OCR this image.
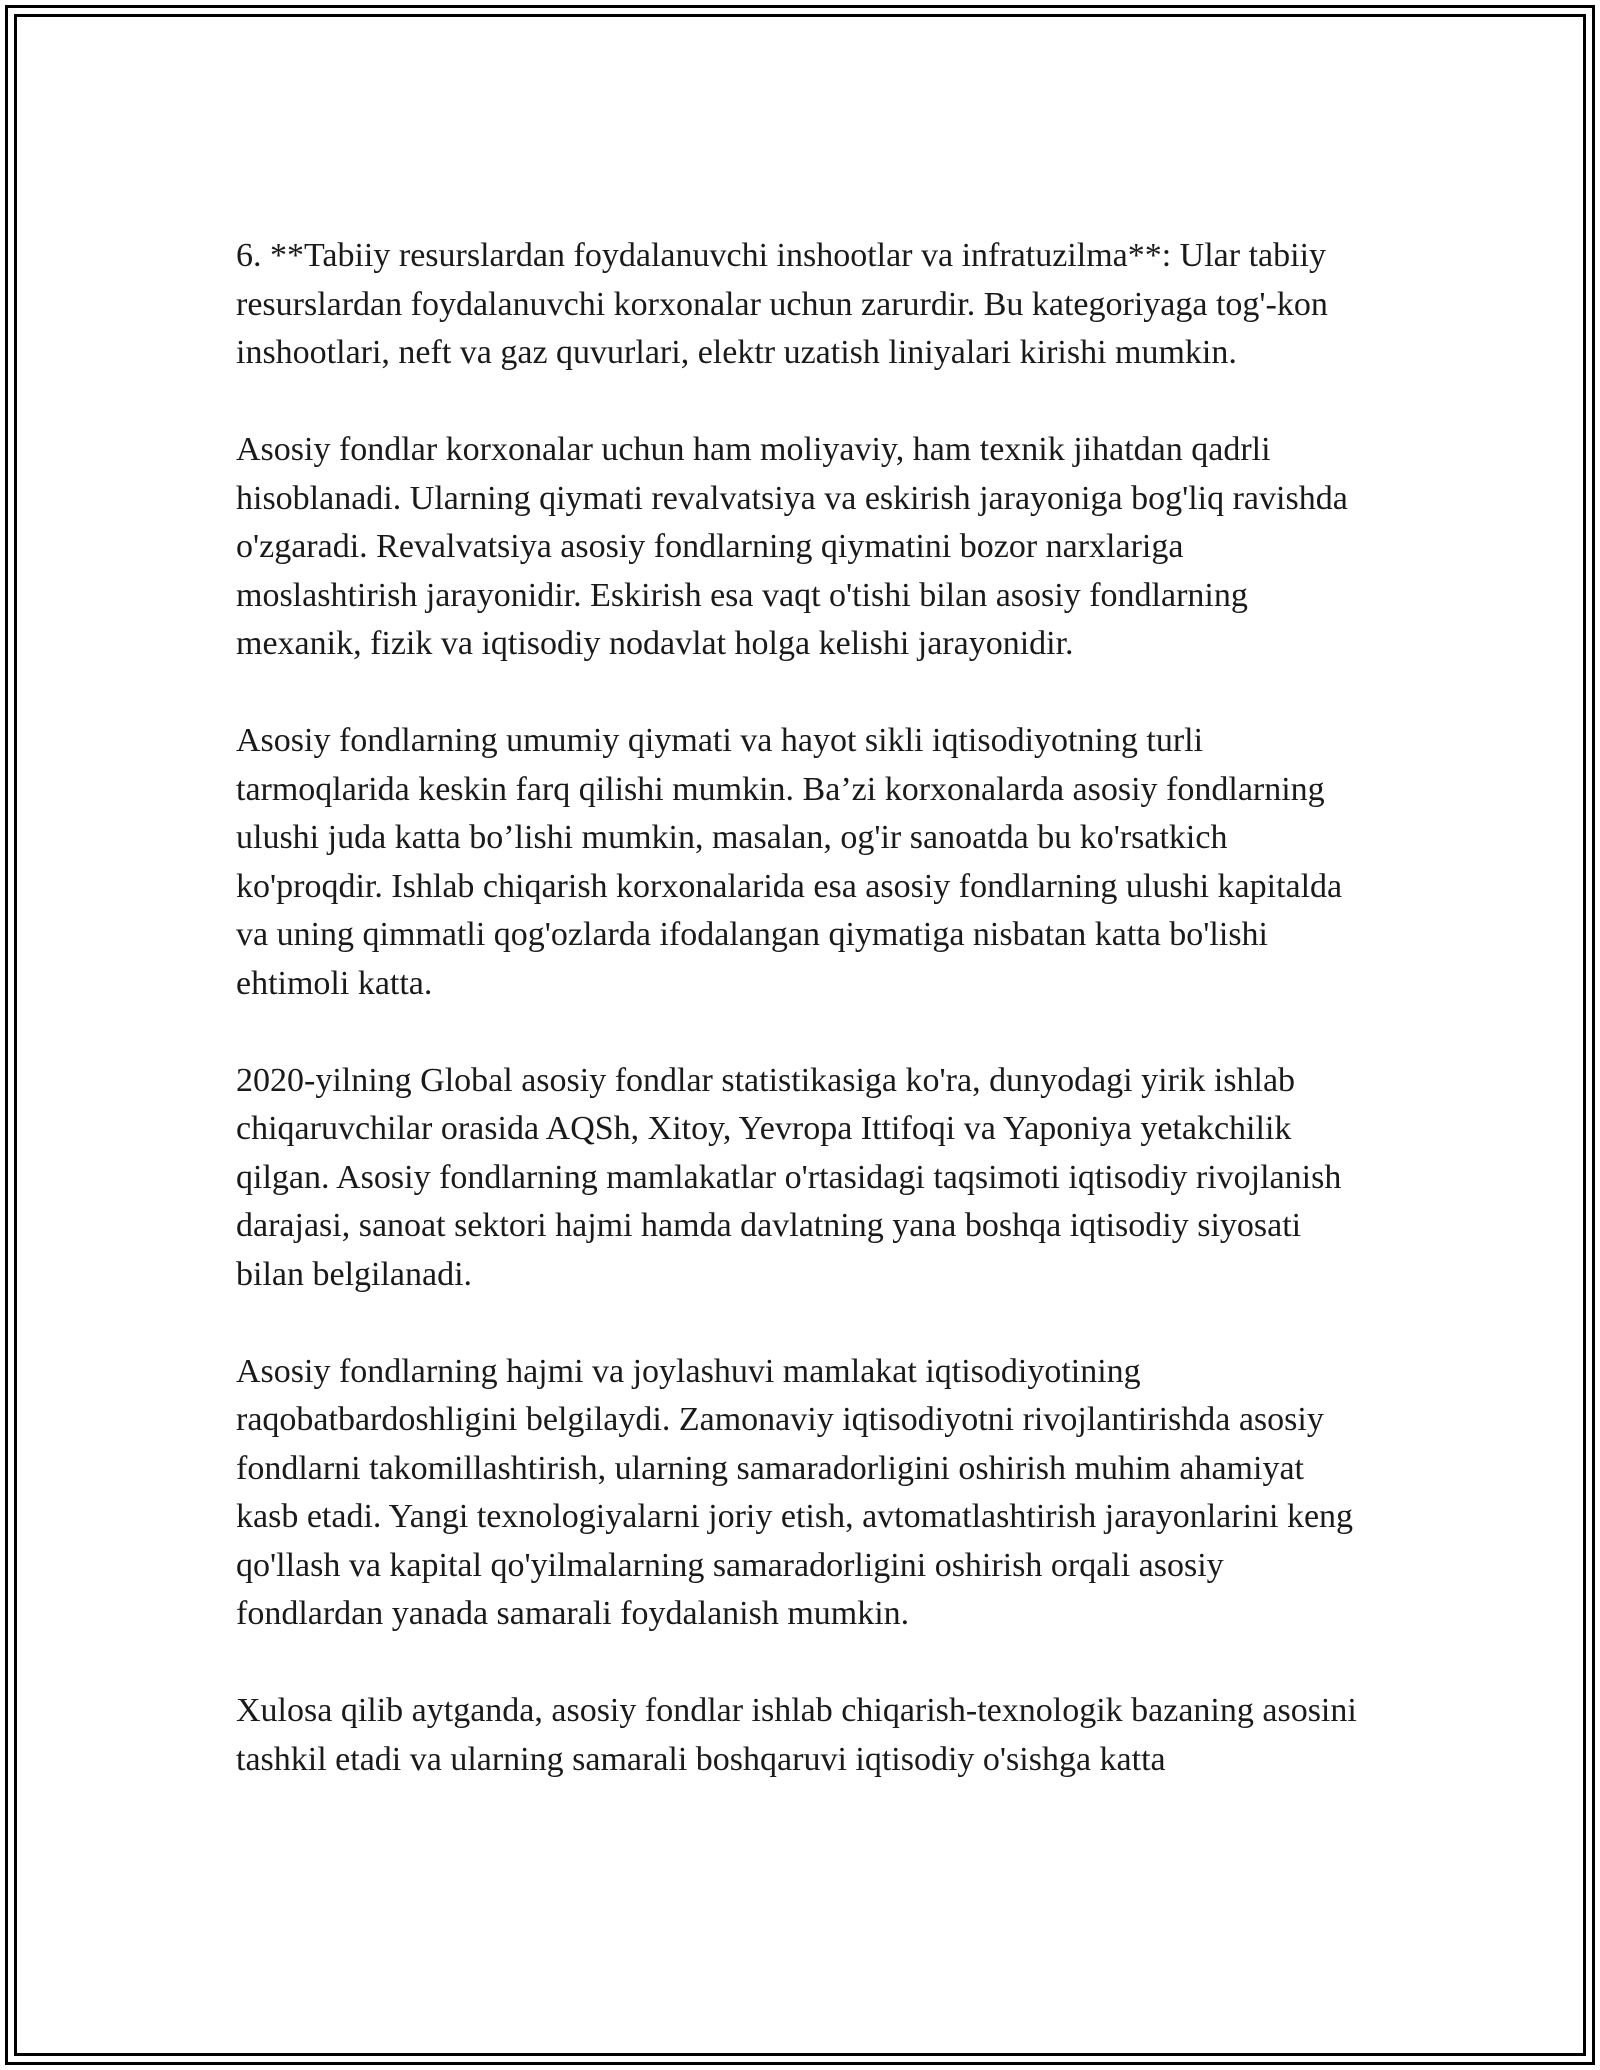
6. **Tabiiy resurslardan foydalanuvchi inshootlar va infratuzilma**: Ular tabiiy resurslardan foydalanuvchi korxonalar uchun zarurdir. Bu kategoriyaga tog'-kon inshootlari, neft va gaz quvurlari, elektr uzatish liniyalari kirishi mumkin.

Asosiy fondlar korxonalar uchun ham moliyaviy, ham texnik jihatdan qadrli hisoblanadi. Ularning qiymati revalvatsiya va eskirish jarayoniga bog'liq ravishda o'zgaradi. Revalvatsiya asosiy fondlarning qiymatini bozor narxlariga moslashtirish jarayonidir. Eskirish esa vaqt o'tishi bilan asosiy fondlarning mexanik, fizik va iqtisodiy nodavlat holga kelishi jarayonidir.

Asosiy fondlarning umumiy qiymati va hayot sikli iqtisodiyotning turli tarmoqlarida keskin farq qilishi mumkin. Ba’zi korxonalarda asosiy fondlarning ulushi juda katta bo’lishi mumkin, masalan, og'ir sanoatda bu ko'rsatkich ko'proqdir. Ishlab chiqarish korxonalarida esa asosiy fondlarning ulushi kapitalda va uning qimmatli qog'ozlarda ifodalangan qiymatiga nisbatan katta bo'lishi ehtimoli katta.

2020-yilning Global asosiy fondlar statistikasiga ko'ra, dunyodagi yirik ishlab chiqaruvchilar orasida AQSh, Xitoy, Yevropa Ittifoqi va Yaponiya yetakchilik qilgan. Asosiy fondlarning mamlakatlar o'rtasidagi taqsimoti iqtisodiy rivojlanish darajasi, sanoat sektori hajmi hamda davlatning yana boshqa iqtisodiy siyosati bilan belgilanadi.

Asosiy fondlarning hajmi va joylashuvi mamlakat iqtisodiyotining raqobatbardoshligini belgilaydi. Zamonaviy iqtisodiyotni rivojlantirishda asosiy fondlarni takomillashtirish, ularning samaradorligini oshirish muhim ahamiyat kasb etadi. Yangi texnologiyalarni joriy etish, avtomatlashtirish jarayonlarini keng qo'llash va kapital qo'yilmalarning samaradorligini oshirish orqali asosiy fondlardan yanada samarali foydalanish mumkin.

Xulosa qilib aytganda, asosiy fondlar ishlab chiqarish-texnologik bazaning asosini tashkil etadi va ularning samarali boshqaruvi iqtisodiy o'sishga katta
